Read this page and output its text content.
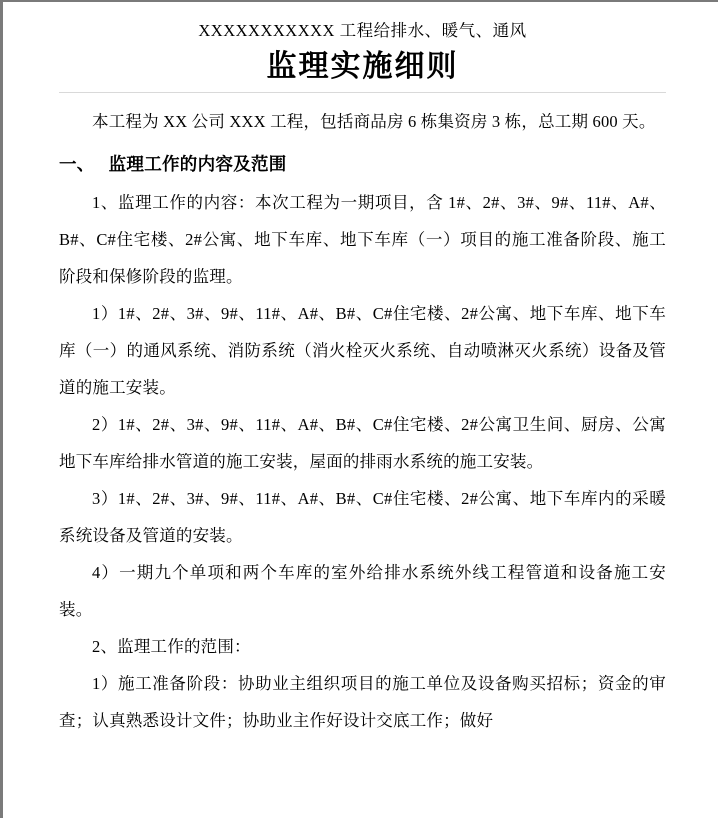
XXXXXXXXXXX 工程给排水、暖气、通风
监理实施细则

本工程为 XX 公司 XXX 工程，包括商品房 6 栋集资房 3 栋，总工期 600 天。

一、 监理工作的内容及范围

1、监理工作的内容：本次工程为一期项目，含 1#、2#、3#、9#、11#、A#、B#、C#住宅楼、2#公寓、地下车库、地下车库（一）项目的施工准备阶段、施工阶段和保修阶段的监理。

1）1#、2#、3#、9#、11#、A#、B#、C#住宅楼、2#公寓、地下车库、地下车库（一）的通风系统、消防系统（消火栓灭火系统、自动喷淋灭火系统）设备及管道的施工安装。

2）1#、2#、3#、9#、11#、A#、B#、C#住宅楼、2#公寓卫生间、厨房、公寓地下车库给排水管道的施工安装，屋面的排雨水系统的施工安装。

3）1#、2#、3#、9#、11#、A#、B#、C#住宅楼、2#公寓、地下车库内的采暖系统设备及管道的安装。

4）一期九个单项和两个车库的室外给排水系统外线工程管道和设备施工安装。

2、监理工作的范围：

1）施工准备阶段：协助业主组织项目的施工单位及设备购买招标；资金的审查；认真熟悉设计文件；协助业主作好设计交底工作；做好
